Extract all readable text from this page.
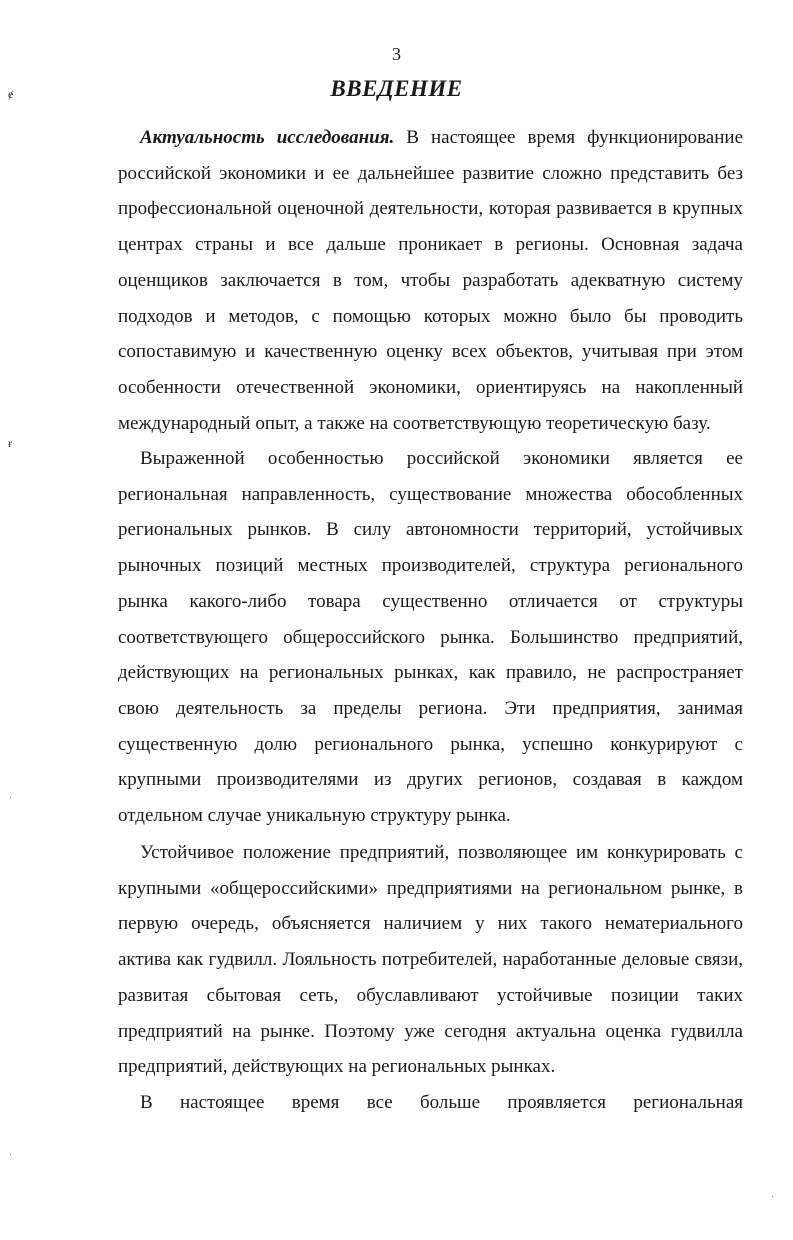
3
ВВЕДЕНИЕ
Актуальность исследования. В настоящее время функционирование российской экономики и ее дальнейшее развитие сложно представить без профессиональной оценочной деятельности, которая развивается в крупных центрах страны и все дальше проникает в регионы. Основная задача оценщиков заключается в том, чтобы разработать адекватную систему подходов и методов, с помощью которых можно было бы проводить сопоставимую и качественную оценку всех объектов, учитывая при этом особенности отечественной экономики, ориентируясь на накопленный международный опыт, а также на соответствующую теоретическую базу.
Выраженной особенностью российской экономики является ее региональная направленность, существование множества обособленных региональных рынков. В силу автономности территорий, устойчивых рыночных позиций местных производителей, структура регионального рынка какого-либо товара существенно отличается от структуры соответствующего общероссийского рынка. Большинство предприятий, действующих на региональных рынках, как правило, не распространяет свою деятельность за пределы региона. Эти предприятия, занимая существенную долю регионального рынка, успешно конкурируют с крупными производителями из других регионов, создавая в каждом отдельном случае уникальную структуру рынка.
Устойчивое положение предприятий, позволяющее им конкурировать с крупными «общероссийскими» предприятиями на региональном рынке, в первую очередь, объясняется наличием у них такого нематериального актива как гудвилл. Лояльность потребителей, наработанные деловые связи, развитая сбытовая сеть, обуславливают устойчивые позиции таких предприятий на рынке. Поэтому уже сегодня актуальна оценка гудвилла предприятий, действующих на региональных рынках.
В настоящее время все больше проявляется региональная
ɇ
ɍ
